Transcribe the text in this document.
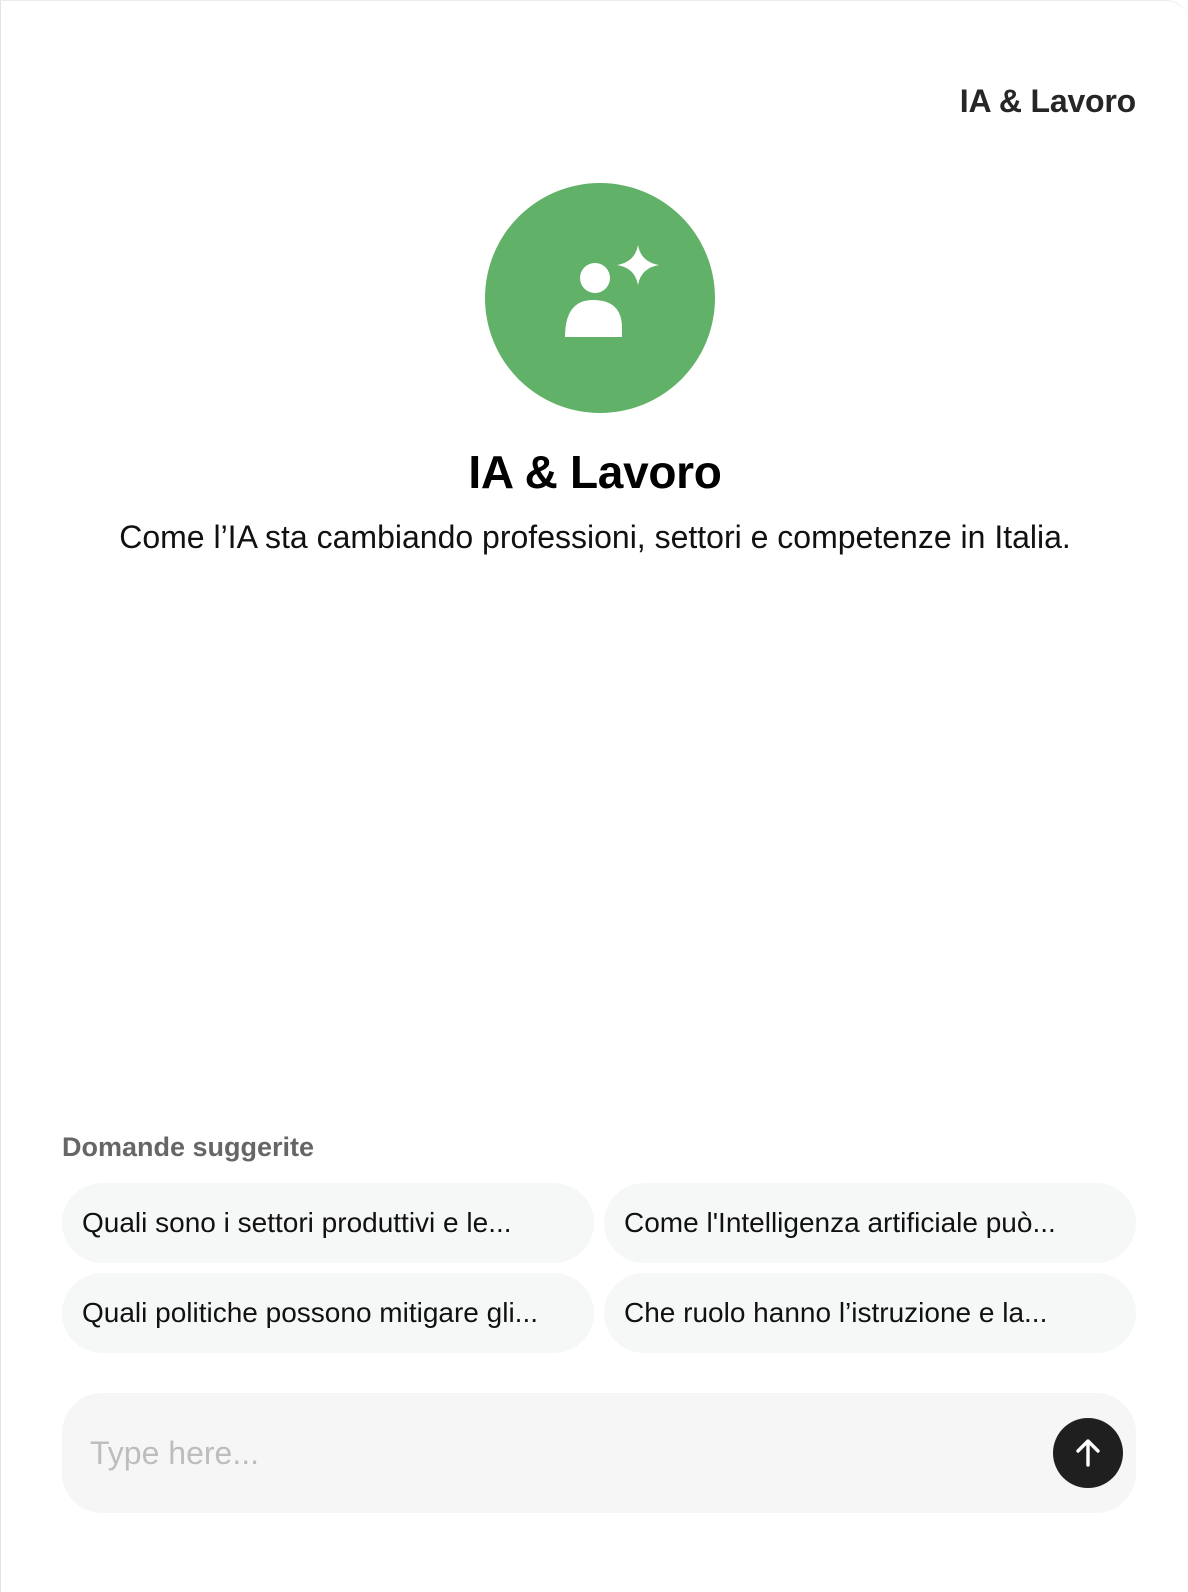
IA & Lavoro
IA & Lavoro
Come l’IA sta cambiando professioni, settori e competenze in Italia.
Domande suggerite
Quali sono i settori produttivi e le...	Come l'Intelligenza artificiale può...
Quali politiche possono mitigare gli...	Che ruolo hanno l’istruzione e la...
Type here...
